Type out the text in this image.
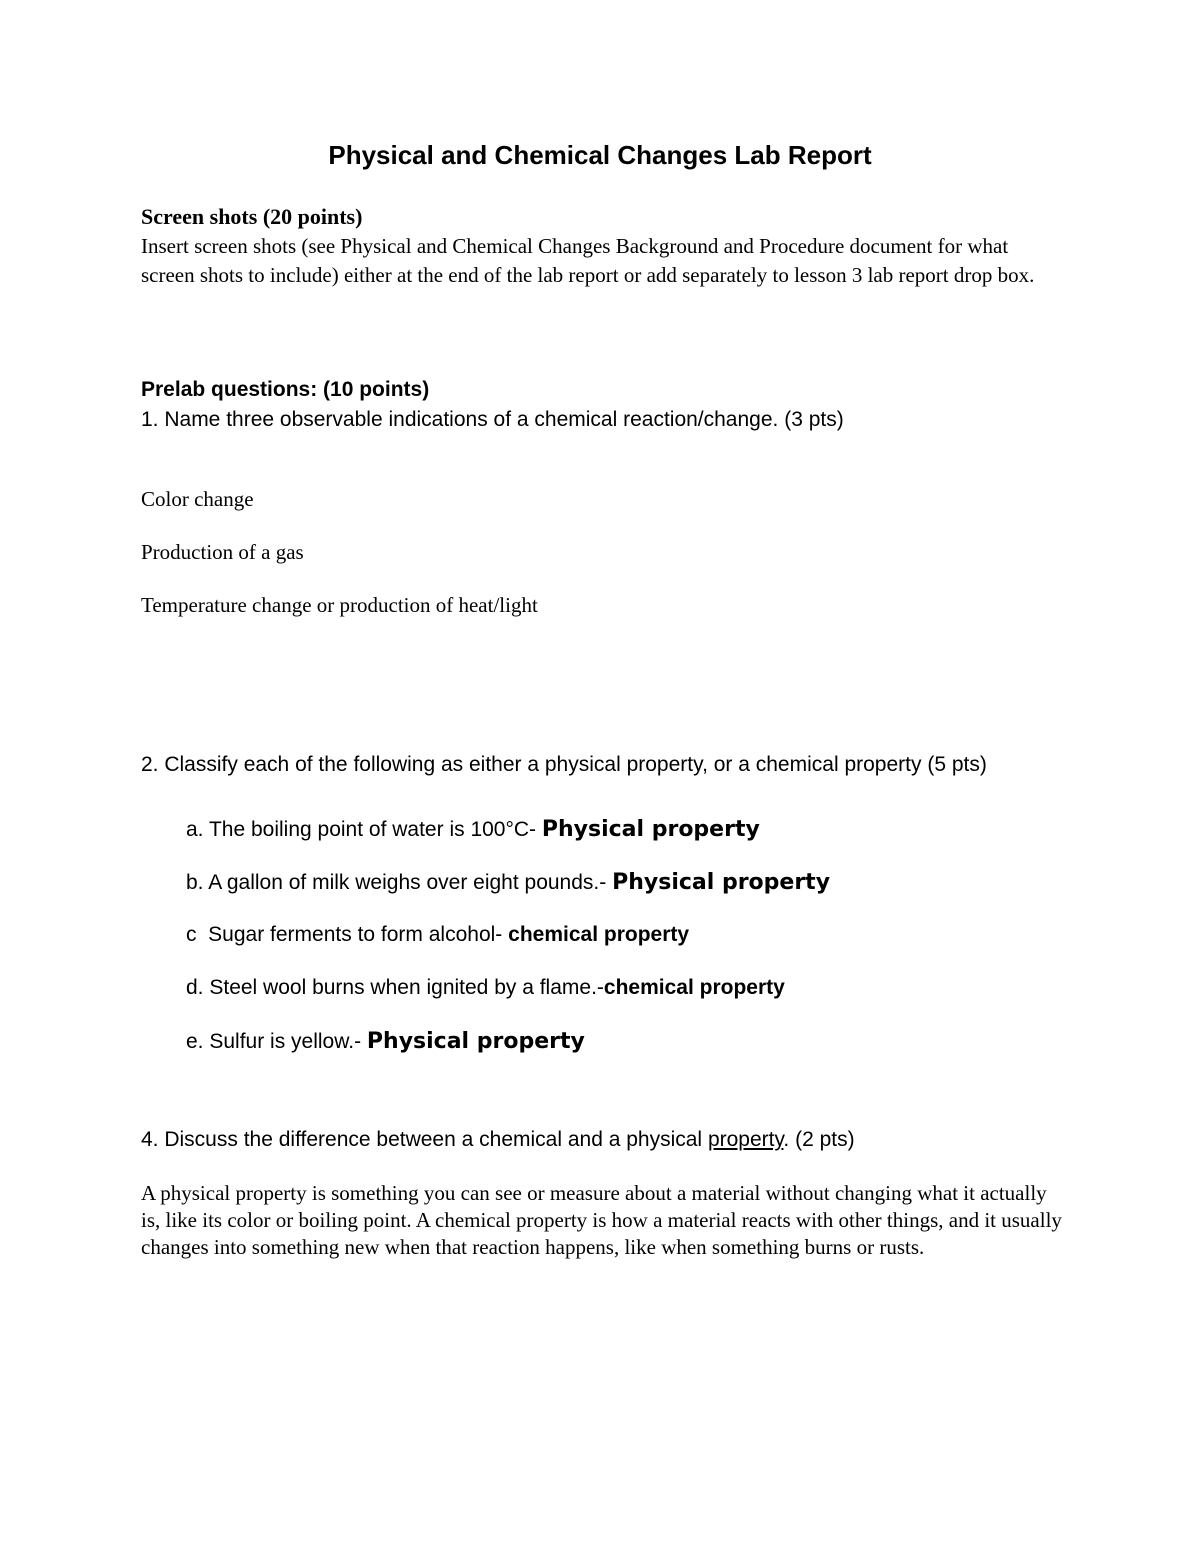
Physical and Chemical Changes Lab Report
Screen shots (20 points)
Insert screen shots (see Physical and Chemical Changes Background and Procedure document for what screen shots to include) either at the end of the lab report or add separately to lesson 3 lab report drop box.
Prelab questions: (10 points)
1. Name three observable indications of a chemical reaction/change. (3 pts)
Color change
Production of a gas
Temperature change or production of heat/light
2. Classify each of the following as either a physical property, or a chemical property (5 pts)
a. The boiling point of water is 100°C- Physical property
b. A gallon of milk weighs over eight pounds.- Physical property
c  Sugar ferments to form alcohol- chemical property
d. Steel wool burns when ignited by a flame.-chemical property
e. Sulfur is yellow.- Physical property
4. Discuss the difference between a chemical and a physical property. (2 pts)
A physical property is something you can see or measure about a material without changing what it actually is, like its color or boiling point. A chemical property is how a material reacts with other things, and it usually changes into something new when that reaction happens, like when something burns or rusts.
